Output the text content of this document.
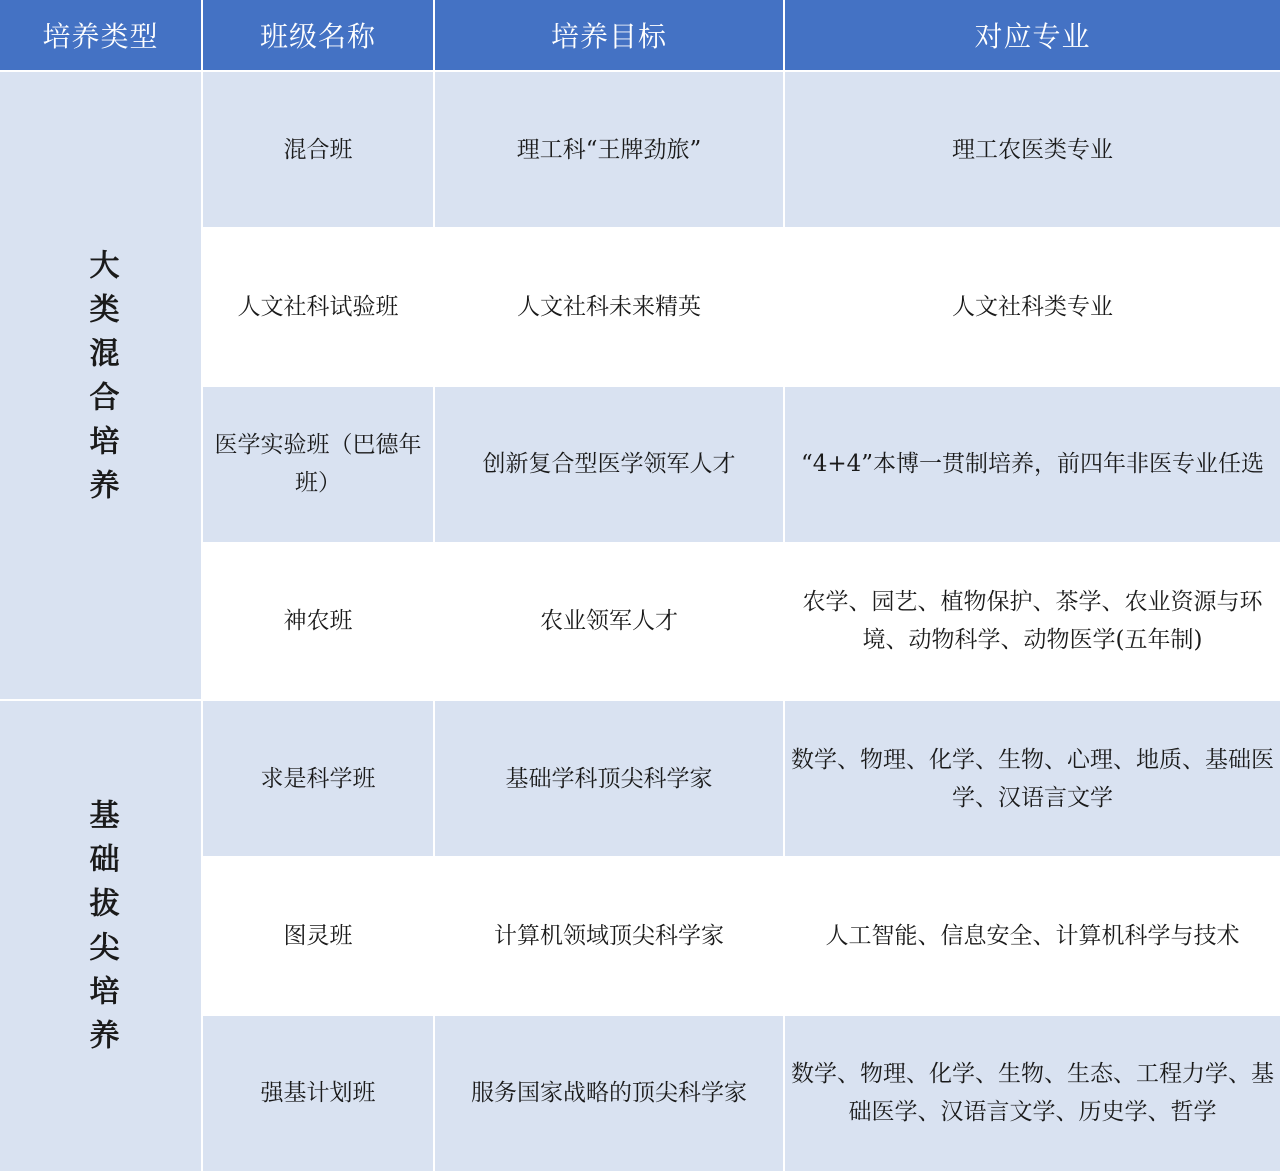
培养类型	班级名称	培养目标	对应专业
大类混合培养	混合班	理工科“王牌劲旅”	理工农医类专业
	人文社科试验班	人文社科未来精英	人文社科类专业
	医学实验班（巴德年班）	创新复合型医学领军人才	“4+4”本博一贯制培养，前四年非医专业任选
	神农班	农业领军人才	农学、园艺、植物保护、茶学、农业资源与环境、动物科学、动物医学(五年制)
基础拔尖培养	求是科学班	基础学科顶尖科学家	数学、物理、化学、生物、心理、地质、基础医学、汉语言文学
	图灵班	计算机领域顶尖科学家	人工智能、信息安全、计算机科学与技术
	强基计划班	服务国家战略的顶尖科学家	数学、物理、化学、生物、生态、工程力学、基础医学、汉语言文学、历史学、哲学
